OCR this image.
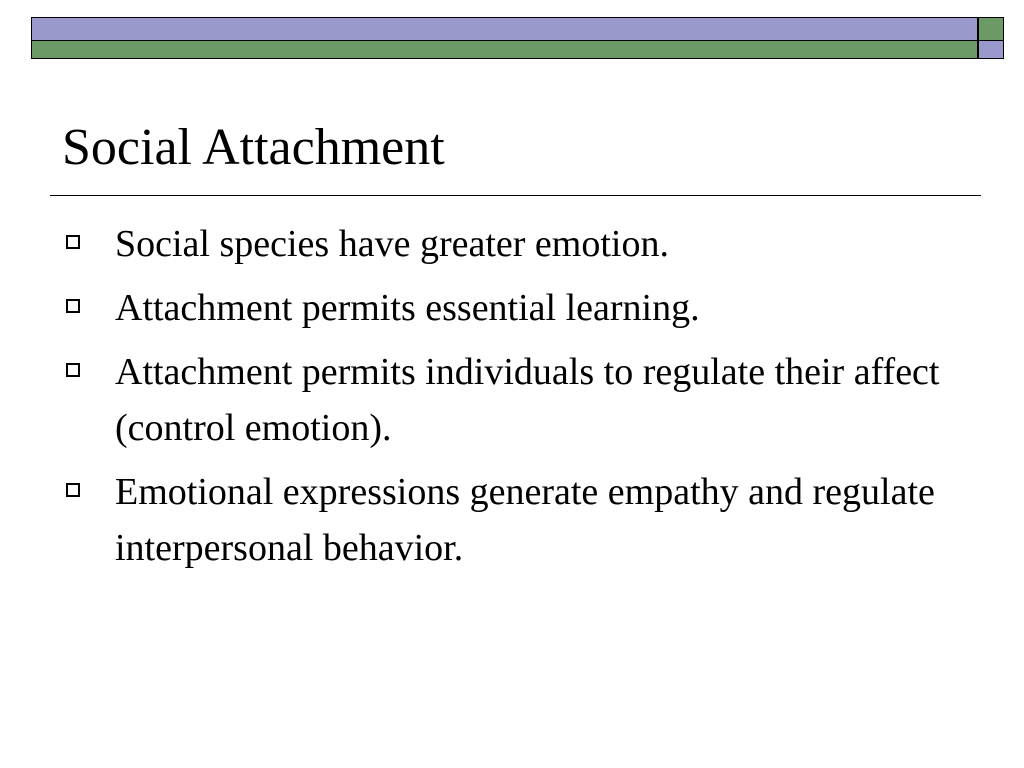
Social Attachment
Social species have greater emotion.
Attachment permits essential learning.
Attachment permits individuals to regulate their affect (control emotion).
Emotional expressions generate empathy and regulate interpersonal behavior.
